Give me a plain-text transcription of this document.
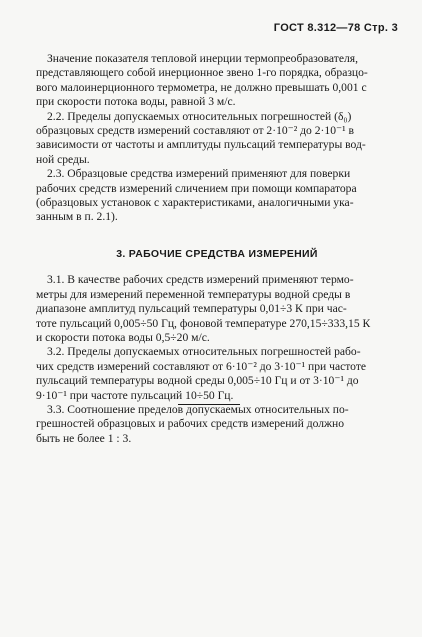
ГОСТ 8.312—78 Стр. 3
Значение показателя тепловой инерции термопреобразователя,
представляющего собой инерционное звено 1-го порядка, образцо-
вого малоинерционного термометра, не должно превышать 0,001 с
при скорости потока воды, равной 3 м/с.
2.2. Пределы допускаемых относительных погрешностей (δ₀)
образцовых средств измерений составляют от 2·10⁻² до 2·10⁻¹ в
зависимости от частоты и амплитуды пульсаций температуры вод-
ной среды.
2.3. Образцовые средства измерений применяют для поверки
рабочих средств измерений сличением при помощи компаратора
(образцовых установок с характеристиками, аналогичными ука-
занным в п. 2.1).
3. РАБОЧИЕ СРЕДСТВА ИЗМЕРЕНИЙ
3.1. В качестве рабочих средств измерений применяют термо-
метры для измерений переменной температуры водной среды в
диапазоне амплитуд пульсаций температуры 0,01÷3 К при час-
тоте пульсаций 0,005÷50 Гц, фоновой температуре 270,15÷333,15 К
и скорости потока воды 0,5÷20 м/с.
3.2. Пределы допускаемых относительных погрешностей рабо-
чих средств измерений составляют от 6·10⁻² до 3·10⁻¹ при частоте
пульсаций температуры водной среды 0,005÷10 Гц и от 3·10⁻¹ до
9·10⁻¹ при частоте пульсаций 10÷50 Гц.
3.3. Соотношение пределов допускаемых относительных по-
грешностей образцовых и рабочих средств измерений должно
быть не более 1 : 3.
